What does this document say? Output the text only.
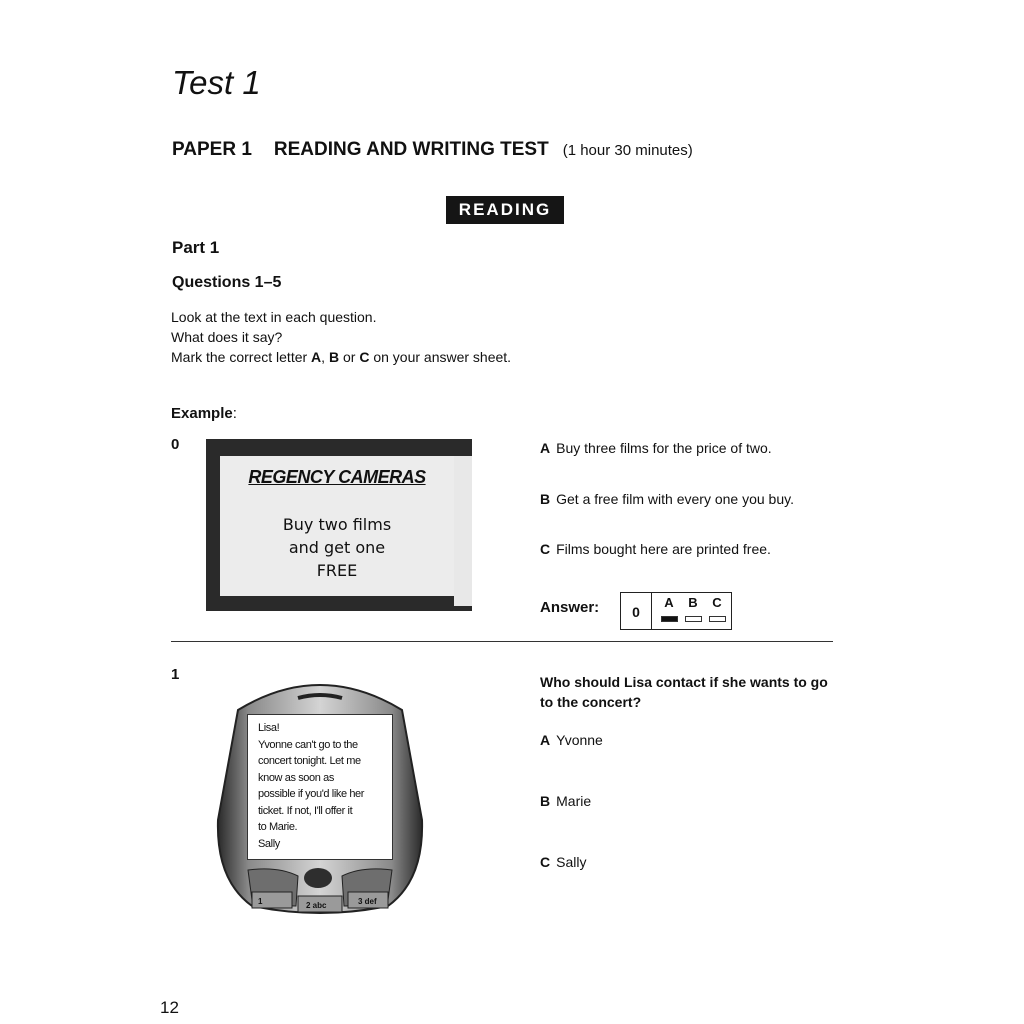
Test 1
PAPER 1 READING AND WRITING TEST (1 hour 30 minutes)
READING
Part 1
Questions 1–5
Look at the text in each question.
What does it say?
Mark the correct letter A, B or C on your answer sheet.
Example:
0
REGENCY CAMERAS
Buy two films
and get one
FREE
A Buy three films for the price of two.
B Get a free film with every one you buy.
C Films bought here are printed free.
Answer:	0
A B C
1
1	2 abc	3 def
Lisa!
Yvonne can't go to the
concert tonight. Let me
know as soon as
possible if you'd like her
ticket. If not, I'll offer it
to Marie.
Sally
Who should Lisa contact if she wants to go to the concert?
A Yvonne
B Marie
C Sally
12
